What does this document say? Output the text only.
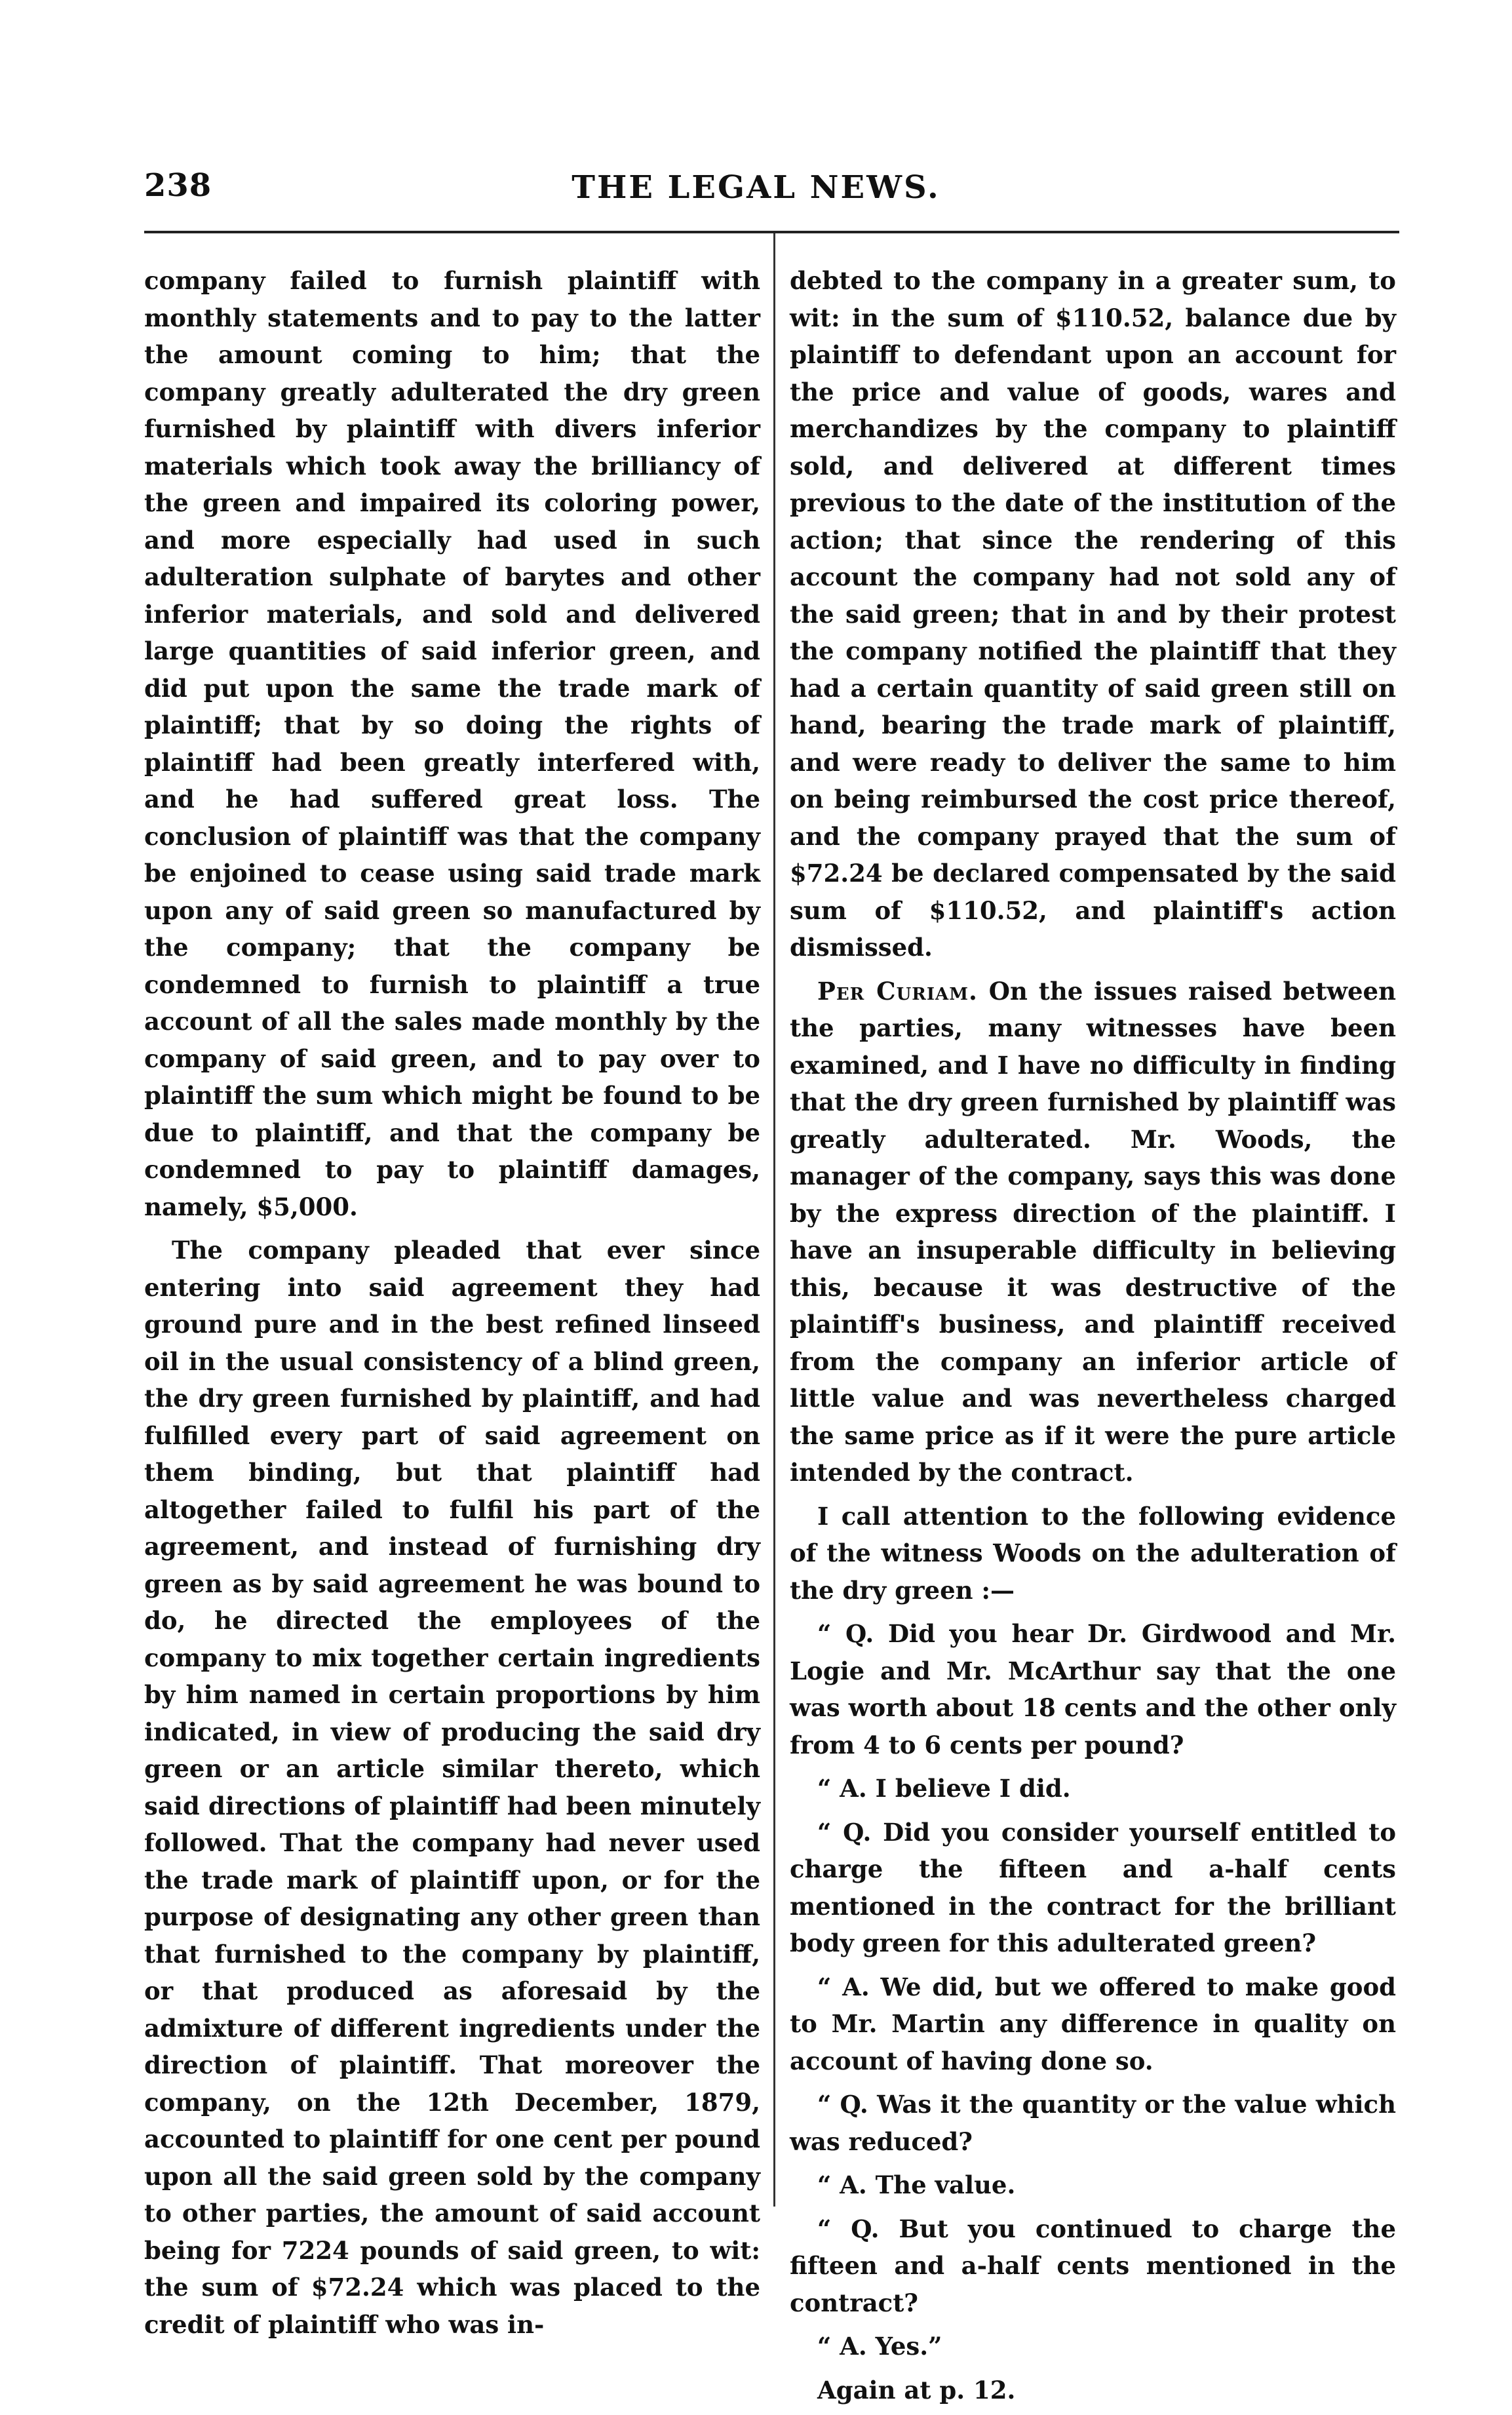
238	THE LEGAL NEWS.

company failed to furnish plaintiff with monthly statements and to pay to the latter the amount coming to him; that the company greatly adulterated the dry green furnished by plaintiff with divers inferior materials which took away the brilliancy of the green and impaired its coloring power, and more especially had used in such adulteration sulphate of barytes and other inferior materials, and sold and delivered large quantities of said inferior green, and did put upon the same the trade mark of plaintiff; that by so doing the rights of plaintiff had been greatly interfered with, and he had suffered great loss. The conclusion of plaintiff was that the company be enjoined to cease using said trade mark upon any of said green so manufactured by the company; that the company be condemned to furnish to plaintiff a true account of all the sales made monthly by the company of said green, and to pay over to plaintiff the sum which might be found to be due to plaintiff, and that the company be condemned to pay to plaintiff damages, namely, $5,000.

The company pleaded that ever since entering into said agreement they had ground pure and in the best refined linseed oil in the usual consistency of a blind green, the dry green furnished by plaintiff, and had fulfilled every part of said agreement on them binding, but that plaintiff had altogether failed to fulfil his part of the agreement, and instead of furnishing dry green as by said agreement he was bound to do, he directed the employees of the company to mix together certain ingredients by him named in certain proportions by him indicated, in view of producing the said dry green or an article similar thereto, which said directions of plaintiff had been minutely followed. That the company had never used the trade mark of plaintiff upon, or for the purpose of designating any other green than that furnished to the company by plaintiff, or that produced as aforesaid by the admixture of different ingredients under the direction of plaintiff. That moreover the company, on the 12th December, 1879, accounted to plaintiff for one cent per pound upon all the said green sold by the company to other parties, the amount of said account being for 7224 pounds of said green, to wit: the sum of $72.24 which was placed to the credit of plaintiff who was in-

debted to the company in a greater sum, to wit: in the sum of $110.52, balance due by plaintiff to defendant upon an account for the price and value of goods, wares and merchandizes by the company to plaintiff sold, and delivered at different times previous to the date of the institution of the action; that since the rendering of this account the company had not sold any of the said green; that in and by their protest the company notified the plaintiff that they had a certain quantity of said green still on hand, bearing the trade mark of plaintiff, and were ready to deliver the same to him on being reimbursed the cost price thereof, and the company prayed that the sum of $72.24 be declared compensated by the said sum of $110.52, and plaintiff's action dismissed.

Per Curiam. On the issues raised between the parties, many witnesses have been examined, and I have no difficulty in finding that the dry green furnished by plaintiff was greatly adulterated. Mr. Woods, the manager of the company, says this was done by the express direction of the plaintiff. I have an insuperable difficulty in believing this, because it was destructive of the plaintiff's business, and plaintiff received from the company an inferior article of little value and was nevertheless charged the same price as if it were the pure article intended by the contract.

I call attention to the following evidence of the witness Woods on the adulteration of the dry green :—

“ Q. Did you hear Dr. Girdwood and Mr. Logie and Mr. McArthur say that the one was worth about 18 cents and the other only from 4 to 6 cents per pound?

“ A. I believe I did.

“ Q. Did you consider yourself entitled to charge the fifteen and a-half cents mentioned in the contract for the brilliant body green for this adulterated green?

“ A. We did, but we offered to make good to Mr. Martin any difference in quality on account of having done so.

“ Q. Was it the quantity or the value which was reduced?

“ A. The value.

“ Q. But you continued to charge the fifteen and a-half cents mentioned in the contract?

“ A. Yes.”

Again at p. 12.
